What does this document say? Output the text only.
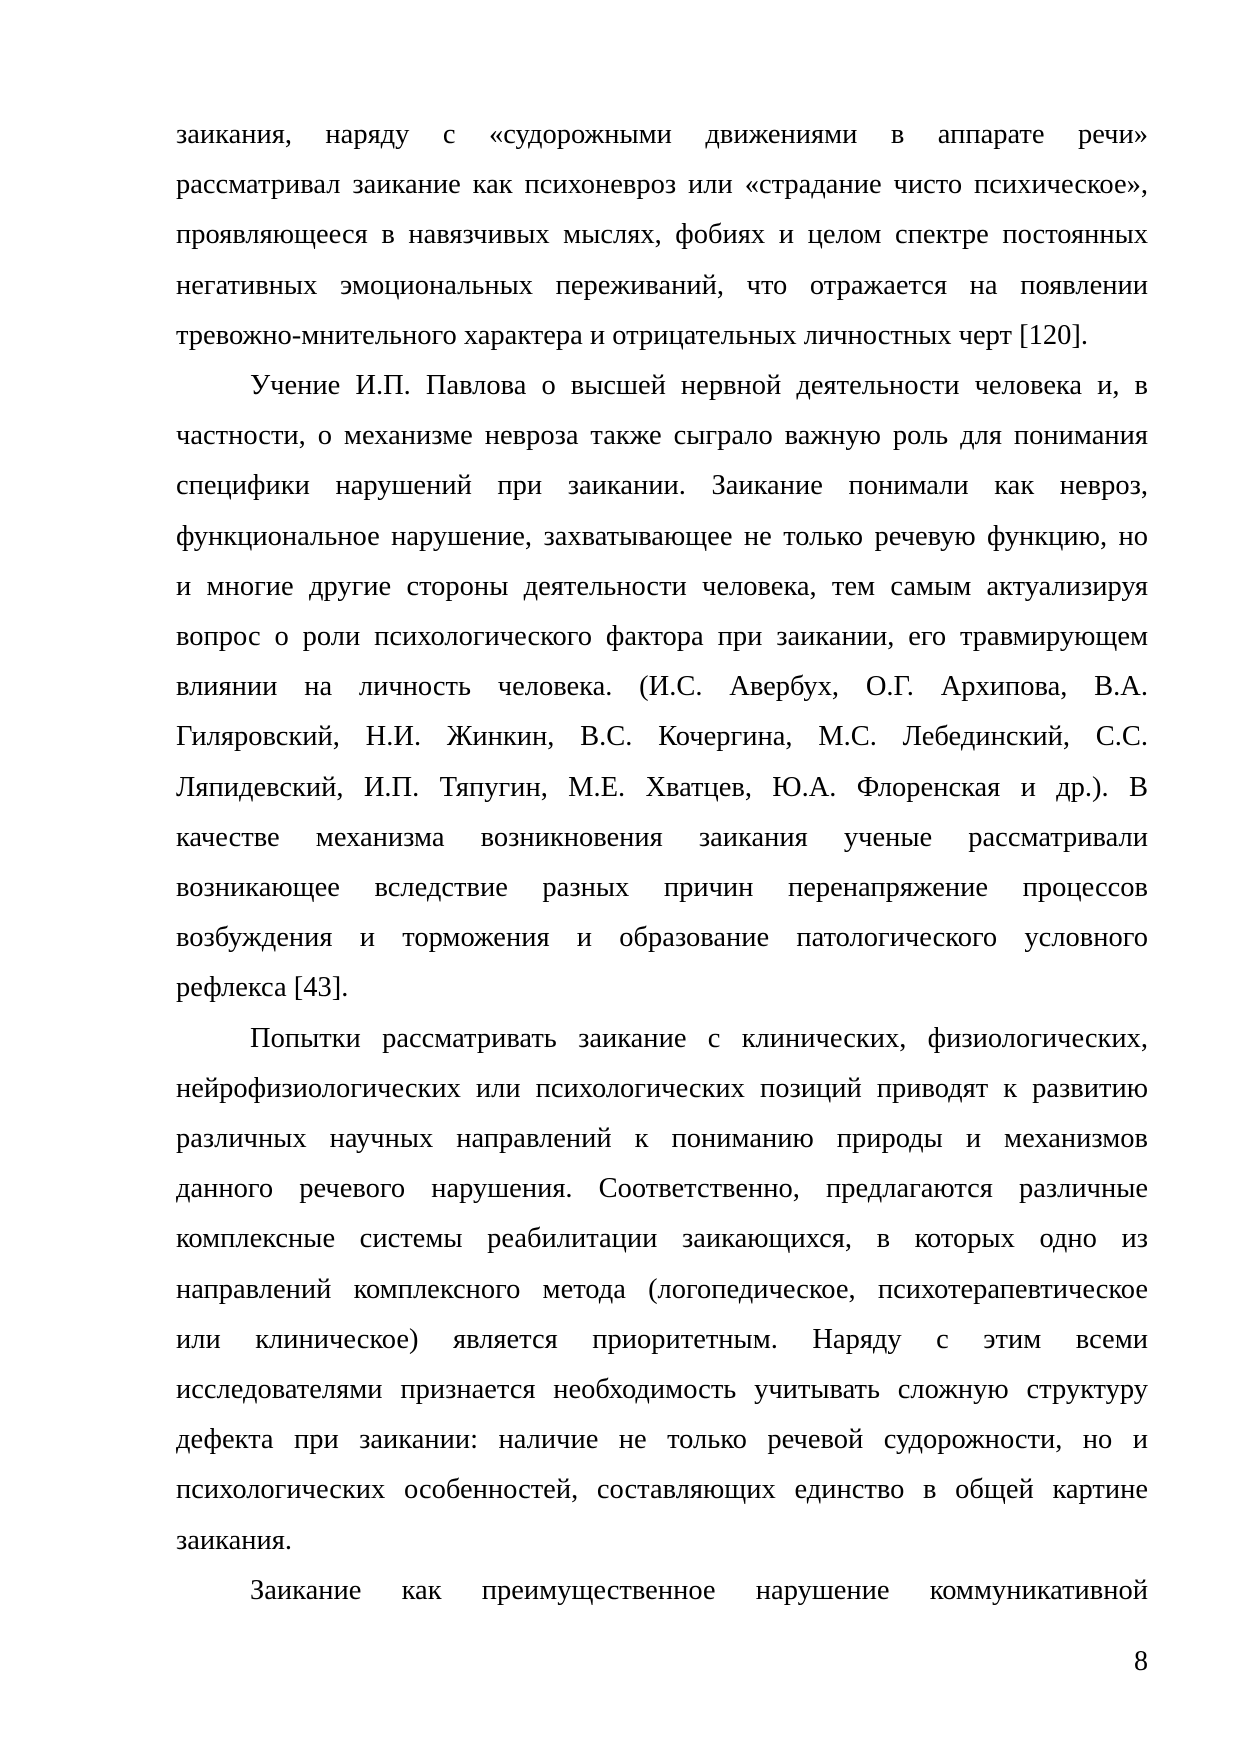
заикания, наряду с «судорожными движениями в аппарате речи»
рассматривал заикание как психоневроз или «страдание чисто психическое»,
проявляющееся в навязчивых мыслях, фобиях и целом спектре постоянных
негативных эмоциональных переживаний, что отражается на появлении
тревожно-мнительного характера и отрицательных личностных черт [120].
Учение И.П. Павлова о высшей нервной деятельности человека и, в
частности, о механизме невроза также сыграло важную роль для понимания
специфики нарушений при заикании. Заикание понимали как невроз,
функциональное нарушение, захватывающее не только речевую функцию, но
и многие другие стороны деятельности человека, тем самым актуализируя
вопрос о роли психологического фактора при заикании, его травмирующем
влиянии на личность человека. (И.С. Авербух, О.Г. Архипова, В.А.
Гиляровский, Н.И. Жинкин, В.С. Кочергина, М.С. Лебединский, С.С.
Ляпидевский, И.П. Тяпугин, М.Е. Хватцев, Ю.А. Флоренская и др.). В
качестве механизма возникновения заикания ученые рассматривали
возникающее вследствие разных причин перенапряжение процессов
возбуждения и торможения и образование патологического условного
рефлекса [43].
Попытки рассматривать заикание с клинических, физиологических,
нейрофизиологических или психологических позиций приводят к развитию
различных научных направлений к пониманию природы и механизмов
данного речевого нарушения. Соответственно, предлагаются различные
комплексные системы реабилитации заикающихся, в которых одно из
направлений комплексного метода (логопедическое, психотерапевтическое
или клиническое) является приоритетным. Наряду с этим всеми
исследователями признается необходимость учитывать сложную структуру
дефекта при заикании: наличие не только речевой судорожности, но и
психологических особенностей, составляющих единство в общей картине
заикания.
Заикание как преимущественное нарушение коммуникативной
8
